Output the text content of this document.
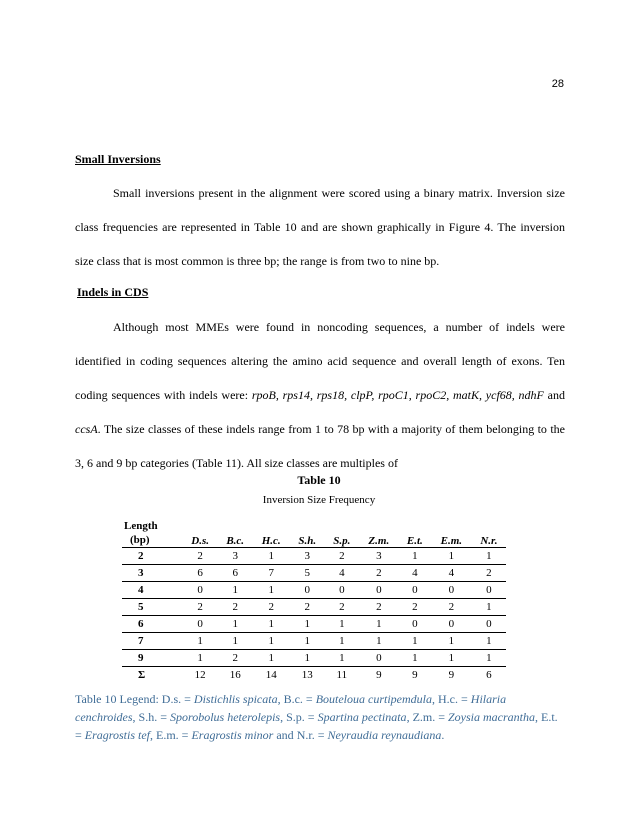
28
Small Inversions

Small inversions present in the alignment were scored using a binary matrix. Inversion size class frequencies are represented in Table 10 and are shown graphically in Figure 4. The inversion size class that is most common is three bp; the range is from two to nine bp.

Indels in CDS

Although most MMEs were found in noncoding sequences, a number of indels were identified in coding sequences altering the amino acid sequence and overall length of exons. Ten coding sequences with indels were: rpoB, rps14, rps18, clpP, rpoC1, rpoC2, matK, ycf68, ndhF and ccsA. The size classes of these indels range from 1 to 78 bp with a majority of them belonging to the 3, 6 and 9 bp categories (Table 11). All size classes are multiples of

Table 10
Inversion Size Frequency
Length									
(bp)	D.s.	B.c.	H.c.	S.h.	S.p.	Z.m.	E.t.	E.m.	N.r.
2	2	3	1	3	2	3	1	1	1
3	6	6	7	5	4	2	4	4	2
4	0	1	1	0	0	0	0	0	0
5	2	2	2	2	2	2	2	2	1
6	0	1	1	1	1	1	0	0	0
7	1	1	1	1	1	1	1	1	1
9	1	2	1	1	1	0	1	1	1
Σ	12	16	14	13	11	9	9	9	6

Table 10 Legend: D.s. = Distichlis spicata, B.c. = Bouteloua curtipemdula, H.c. = Hilaria cenchroides, S.h. = Sporobolus heterolepis, S.p. = Spartina pectinata, Z.m. = Zoysia macrantha, E.t. = Eragrostis tef, E.m. = Eragrostis minor and N.r. = Neyraudia reynaudiana.
